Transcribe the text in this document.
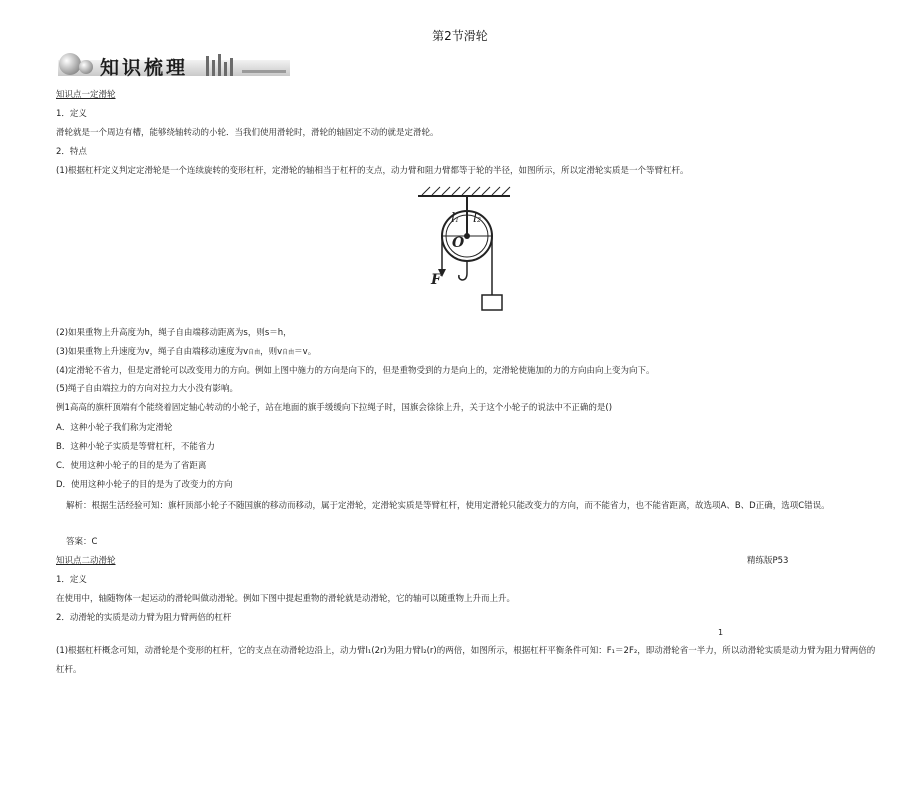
第2节滑轮
知识梳理
知识点一定滑轮
1．定义
滑轮就是一个周边有槽，能够绕轴转动的小轮．当我们使用滑轮时，滑轮的轴固定不动的就是定滑轮。
2．特点
(1)根据杠杆定义判定定滑轮是一个连续旋转的变形杠杆，定滑轮的轴相当于杠杆的支点，动力臂和阻力臂都等于轮的半径，如图所示，所以定滑轮实质是一个等臂杠杆。
l1 l2
O
F
(2)如果重物上升高度为h，绳子自由端移动距离为s，则s＝h，
(3)如果重物上升速度为v，绳子自由端移动速度为v自由，则v自由＝v。
(4)定滑轮不省力，但是定滑轮可以改变用力的方向。例如上图中施力的方向是向下的，但是重物受到的力是向上的，定滑轮使施加的力的方向由向上变为向下。
(5)绳子自由端拉力的方向对拉力大小没有影响。
例1高高的旗杆顶端有个能绕着固定轴心转动的小轮子，站在地面的旗手缓缓向下拉绳子时，国旗会徐徐上升，关于这个小轮子的说法中不正确的是()
A．这种小轮子我们称为定滑轮
B．这种小轮子实质是等臂杠杆，不能省力
C．使用这种小轮子的目的是为了省距离
D．使用这种小轮子的目的是为了改变力的方向
解析：根据生活经验可知：旗杆顶部小轮子不随国旗的移动而移动，属于定滑轮，定滑轮实质是等臂杠杆，使用定滑轮只能改变力的方向，而不能省力，也不能省距离，故选项A、B、D正确，选项C错误。
答案：C
知识点二动滑轮	精练版P53
1．定义
在使用中，轴随物体一起运动的滑轮叫做动滑轮。例如下图中提起重物的滑轮就是动滑轮，它的轴可以随重物上升而上升。
2．动滑轮的实质是动力臂为阻力臂两倍的杠杆
1
(1)根据杠杆概念可知，动滑轮是个变形的杠杆，它的支点在动滑轮边沿上，动力臂l₁(2r)为阻力臂l₂(r)的两倍，如图所示，根据杠杆平衡条件可知：F₁＝2F₂，即动滑轮省一半力，所以动滑轮实质是动力臂为阻力臂两倍的杠杆。
